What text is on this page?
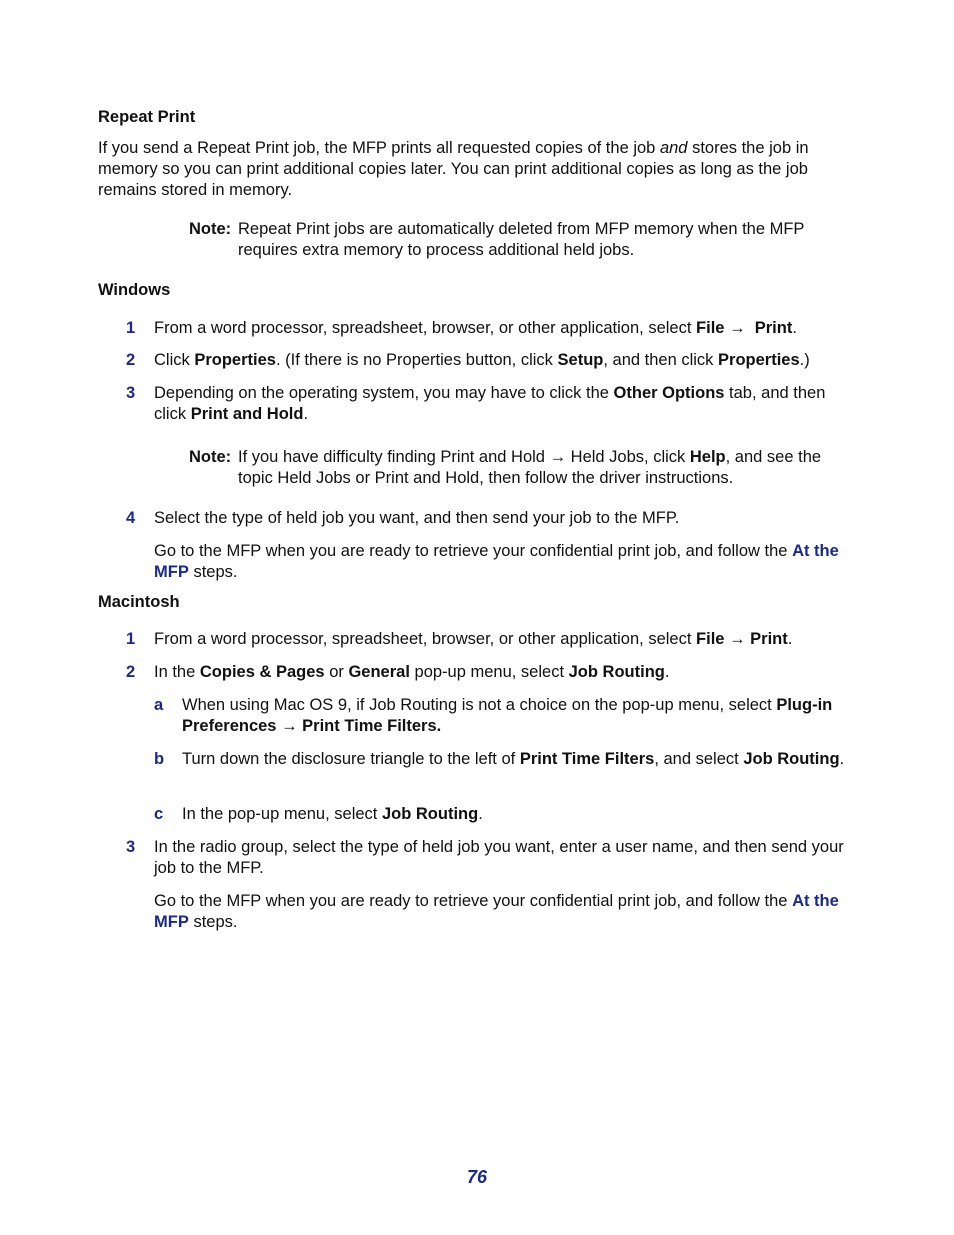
Repeat Print
If you send a Repeat Print job, the MFP prints all requested copies of the job and stores the job in memory so you can print additional copies later. You can print additional copies as long as the job remains stored in memory.
Note: Repeat Print jobs are automatically deleted from MFP memory when the MFP requires extra memory to process additional held jobs.
Windows
1 From a word processor, spreadsheet, browser, or other application, select File → Print.
2 Click Properties. (If there is no Properties button, click Setup, and then click Properties.)
3 Depending on the operating system, you may have to click the Other Options tab, and then click Print and Hold.
Note: If you have difficulty finding Print and Hold → Held Jobs, click Help, and see the topic Held Jobs or Print and Hold, then follow the driver instructions.
4 Select the type of held job you want, and then send your job to the MFP.
Go to the MFP when you are ready to retrieve your confidential print job, and follow the At the MFP steps.
Macintosh
1 From a word processor, spreadsheet, browser, or other application, select File → Print.
2 In the Copies & Pages or General pop-up menu, select Job Routing.
a When using Mac OS 9, if Job Routing is not a choice on the pop-up menu, select Plug-in Preferences → Print Time Filters.
b Turn down the disclosure triangle to the left of Print Time Filters, and select Job Routing.
c In the pop-up menu, select Job Routing.
3 In the radio group, select the type of held job you want, enter a user name, and then send your job to the MFP.
Go to the MFP when you are ready to retrieve your confidential print job, and follow the At the MFP steps.
76
